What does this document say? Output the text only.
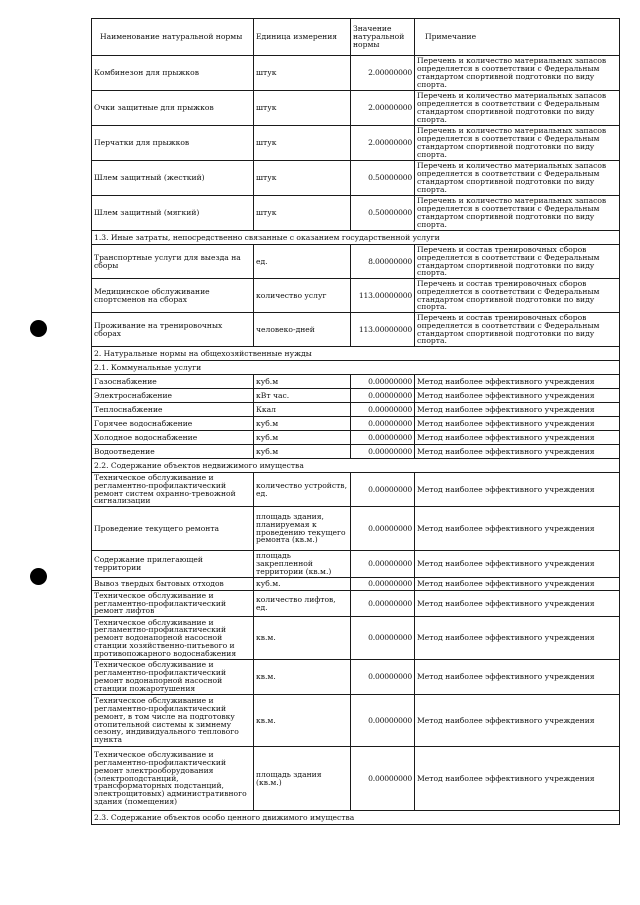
Наименование натуральной нормы	Единица измерения	Значение натуральной нормы	Примечание
Комбинезон для прыжков	штук	2.00000000	Перечень и количество материальных запасов определяется в соответствии с Федеральным стандартом спортивной подготовки по виду спорта.
Очки защитные для прыжков	штук	2.00000000	Перечень и количество материальных запасов определяется в соответствии с Федеральным стандартом спортивной подготовки по виду спорта.
Перчатки для прыжков	штук	2.00000000	Перечень и количество материальных запасов определяется в соответствии с Федеральным стандартом спортивной подготовки по виду спорта.
Шлем защитный (жесткий)	штук	0.50000000	Перечень и количество материальных запасов определяется в соответствии с Федеральным стандартом спортивной подготовки по виду спорта.
Шлем защитный (мягкий)	штук	0.50000000	Перечень и количество материальных запасов определяется в соответствии с Федеральным стандартом спортивной подготовки по виду спорта.
1.3. Иные затраты, непосредственно связанные с оказанием государственной услуги			
Транспортные услуги для выезда на сборы	ед.	8.00000000	Перечень и состав тренировочных сборов определяется в соответствии с Федеральным стандартом спортивной подготовки по виду спорта.
Медицинское обслуживание спортсменов на сборах	количество услуг	113.00000000	Перечень и состав тренировочных сборов определяется в соответствии с Федеральным стандартом спортивной подготовки по виду спорта.
Проживание на тренировочных сборах	человеко-дней	113.00000000	Перечень и состав тренировочных сборов определяется в соответствии с Федеральным стандартом спортивной подготовки по виду спорта.
2. Натуральные нормы на общехозяйственные нужды			
2.1. Коммунальные услуги			
Газоснабжение	куб.м	0.00000000	Метод наиболее эффективного учреждения
Электроснабжение	кВт час.	0.00000000	Метод наиболее эффективного учреждения
Теплоснабжение	Ккал	0.00000000	Метод наиболее эффективного учреждения
Горячее водоснабжение	куб.м	0.00000000	Метод наиболее эффективного учреждения
Холодное водоснабжение	куб.м	0.00000000	Метод наиболее эффективного учреждения
Водоотведение	куб.м	0.00000000	Метод наиболее эффективного учреждения
2.2. Содержание объектов недвижимого имущества			
Техническое обслуживание и регламентно-профилактический ремонт систем охранно-тревожной сигнализации	количество устройств, ед.	0.00000000	Метод наиболее эффективного учреждения
Проведение текущего ремонта	площадь здания, планируемая к проведению текущего ремонта (кв.м.)	0.00000000	Метод наиболее эффективного учреждения
Содержание прилегающей территории	площадь закрепленной территории (кв.м.)	0.00000000	Метод наиболее эффективного учреждения
Вывоз твердых бытовых отходов	куб.м.	0.00000000	Метод наиболее эффективного учреждения
Техническое обслуживание и регламентно-профилактический ремонт лифтов	количество лифтов, ед.	0.00000000	Метод наиболее эффективного учреждения
Техническое обслуживание и регламентно-профилактический ремонт водонапорной насосной станции хозяйственно-питьевого и противопожарного водоснабжения	кв.м.	0.00000000	Метод наиболее эффективного учреждения
Техническое обслуживание и регламентно-профилактический ремонт водонапорной насосной станции пожаротушения	кв.м.	0.00000000	Метод наиболее эффективного учреждения
Техническое обслуживание и регламентно-профилактический ремонт, в том числе на подготовку отопительной системы к зимнему сезону, индивидуального теплового пункта	кв.м.	0.00000000	Метод наиболее эффективного учреждения
Техническое обслуживание и регламентно-профилактический ремонт электрооборудования (электроподстанций, трансформаторных подстанций, электрощитовых) административного здания (помещения)	площадь здания (кв.м.)	0.00000000	Метод наиболее эффективного учреждения
2.3. Содержание объектов особо ценного движимого имущества			
